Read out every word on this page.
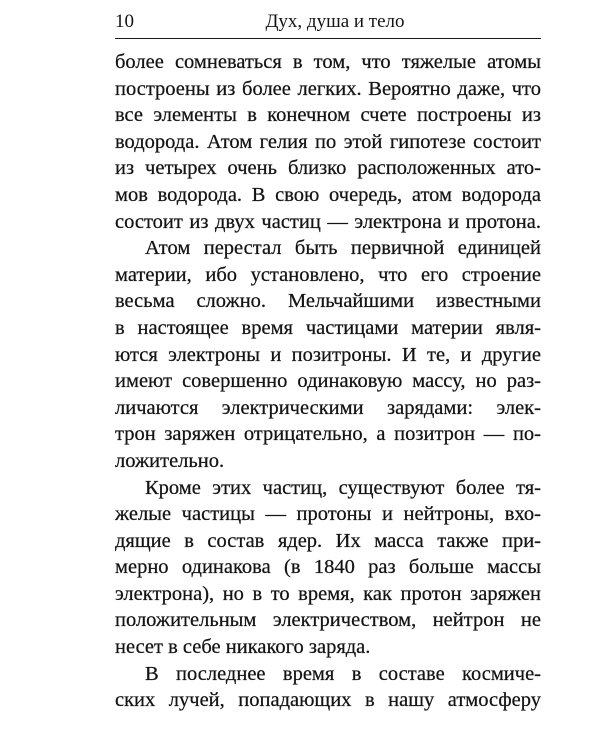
10	Дух, душа и тело
более сомневаться в том, что тяжелые атомы
построены из более легких. Вероятно даже, что
все элементы в конечном счете построены из
водорода. Атом гелия по этой гипотезе состоит
из четырех очень близко расположенных ато-
мов водорода. В свою очередь, атом водорода
состоит из двух частиц — электрона и протона.
Атом перестал быть первичной единицей
материи, ибо установлено, что его строение
весьма сложно. Мельчайшими известными
в настоящее время частицами материи явля-
ются электроны и позитроны. И те, и другие
имеют совершенно одинаковую массу, но раз-
личаются электрическими зарядами: элек-
трон заряжен отрицательно, а позитрон — по-
ложительно.
Кроме этих частиц, существуют более тя-
желые частицы — протоны и нейтроны, вхо-
дящие в состав ядер. Их масса также при-
мерно одинакова (в 1840 раз больше массы
электрона), но в то время, как протон заряжен
положительным электричеством, нейтрон не
несет в себе никакого заряда.
В последнее время в составе космиче-
ских лучей, попадающих в нашу атмосферу
